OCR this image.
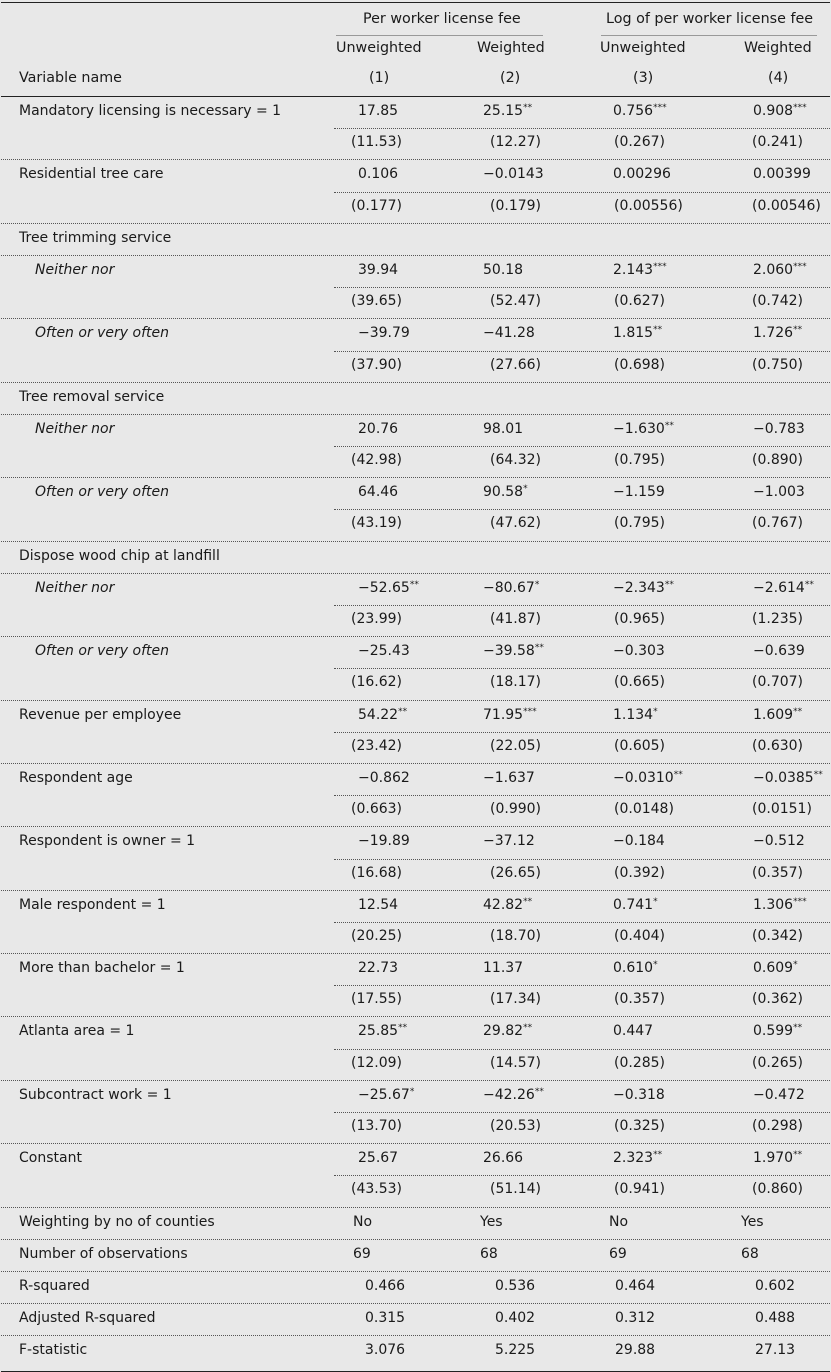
Per worker license fee	Log of per worker license fee
Unweighted	Weighted	Unweighted	Weighted
Variable name	(1)	(2)	(3)	(4)
Mandatory licensing is necessary = 1	17.85	25.15**	0.756***	0.908***
(11.53)	(12.27)	(0.267)	(0.241)
Residential tree care	0.106	−0.0143	0.00296	0.00399
(0.177)	(0.179)	(0.00556)	(0.00546)
Tree trimming service
Neither nor	39.94	50.18	2.143***	2.060***
(39.65)	(52.47)	(0.627)	(0.742)
Often or very often	−39.79	−41.28	1.815**	1.726**
(37.90)	(27.66)	(0.698)	(0.750)
Tree removal service
Neither nor	20.76	98.01	−1.630**	−0.783
(42.98)	(64.32)	(0.795)	(0.890)
Often or very often	64.46	90.58*	−1.159	−1.003
(43.19)	(47.62)	(0.795)	(0.767)
Dispose wood chip at landfill
Neither nor	−52.65**	−80.67*	−2.343**	−2.614**
(23.99)	(41.87)	(0.965)	(1.235)
Often or very often	−25.43	−39.58**	−0.303	−0.639
(16.62)	(18.17)	(0.665)	(0.707)
Revenue per employee	54.22**	71.95***	1.134*	1.609**
(23.42)	(22.05)	(0.605)	(0.630)
Respondent age	−0.862	−1.637	−0.0310**	−0.0385**
(0.663)	(0.990)	(0.0148)	(0.0151)
Respondent is owner = 1	−19.89	−37.12	−0.184	−0.512
(16.68)	(26.65)	(0.392)	(0.357)
Male respondent = 1	12.54	42.82**	0.741*	1.306***
(20.25)	(18.70)	(0.404)	(0.342)
More than bachelor = 1	22.73	11.37	0.610*	0.609*
(17.55)	(17.34)	(0.357)	(0.362)
Atlanta area = 1	25.85**	29.82**	0.447	0.599**
(12.09)	(14.57)	(0.285)	(0.265)
Subcontract work = 1	−25.67*	−42.26**	−0.318	−0.472
(13.70)	(20.53)	(0.325)	(0.298)
Constant	25.67	26.66	2.323**	1.970**
(43.53)	(51.14)	(0.941)	(0.860)
Weighting by no of counties	No	Yes	No	Yes
Number of observations	69	68	69	68
R-squared	0.466	0.536	0.464	0.602
Adjusted R-squared	0.315	0.402	0.312	0.488
F-statistic	3.076	5.225	29.88	27.13
